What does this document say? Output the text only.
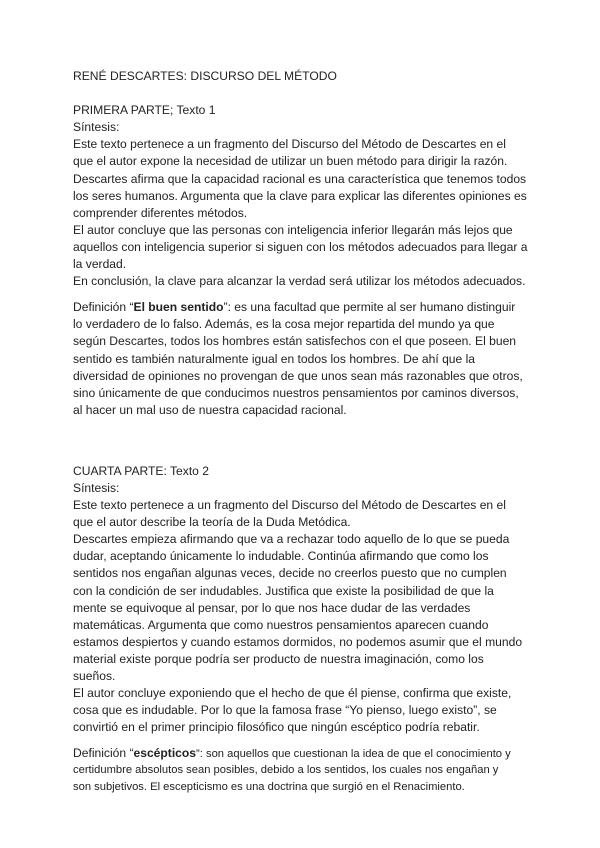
RENÉ DESCARTES: DISCURSO DEL MÉTODO
PRIMERA PARTE; Texto 1
Síntesis:
Este texto pertenece a un fragmento del Discurso del Método de Descartes en el
que el autor expone la necesidad de utilizar un buen método para dirigir la razón.
Descartes afirma que la capacidad racional es una característica que tenemos todos
los seres humanos. Argumenta que la clave para explicar las diferentes opiniones es
comprender diferentes métodos.
El autor concluye que las personas con inteligencia inferior llegarán más lejos que
aquellos con inteligencia superior si siguen con los métodos adecuados para llegar a
la verdad.
En conclusión, la clave para alcanzar la verdad será utilizar los métodos adecuados.
Definición “El buen sentido”: es una facultad que permite al ser humano distinguir
lo verdadero de lo falso. Además, es la cosa mejor repartida del mundo ya que
según Descartes, todos los hombres están satisfechos con el que poseen. El buen
sentido es también naturalmente igual en todos los hombres. De ahí que la
diversidad de opiniones no provengan de que unos sean más razonables que otros,
sino únicamente de que conducimos nuestros pensamientos por caminos diversos,
al hacer un mal uso de nuestra capacidad racional.
CUARTA PARTE: Texto 2
Síntesis:
Este texto pertenece a un fragmento del Discurso del Método de Descartes en el
que el autor describe la teoría de la Duda Metódica.
Descartes empieza afirmando que va a rechazar todo aquello de lo que se pueda
dudar, aceptando únicamente lo indudable. Continúa afirmando que como los
sentidos nos engañan algunas veces, decide no creerlos puesto que no cumplen
con la condición de ser indudables. Justifica que existe la posibilidad de que la
mente se equivoque al pensar, por lo que nos hace dudar de las verdades
matemáticas. Argumenta que como nuestros pensamientos aparecen cuando
estamos despiertos y cuando estamos dormidos, no podemos asumir que el mundo
material existe porque podría ser producto de nuestra imaginación, como los
sueños.
El autor concluye exponiendo que el hecho de que él piense, confirma que existe,
cosa que es indudable. Por lo que la famosa frase “Yo pienso, luego existo”, se
convirtió en el primer principio filosófico que ningún escéptico podría rebatir.
Definición “escépticos”: son aquellos que cuestionan la idea de que el conocimiento y
certidumbre absolutos sean posibles, debido a los sentidos, los cuales nos engañan y
son subjetivos. El escepticismo es una doctrina que surgió en el Renacimiento.
